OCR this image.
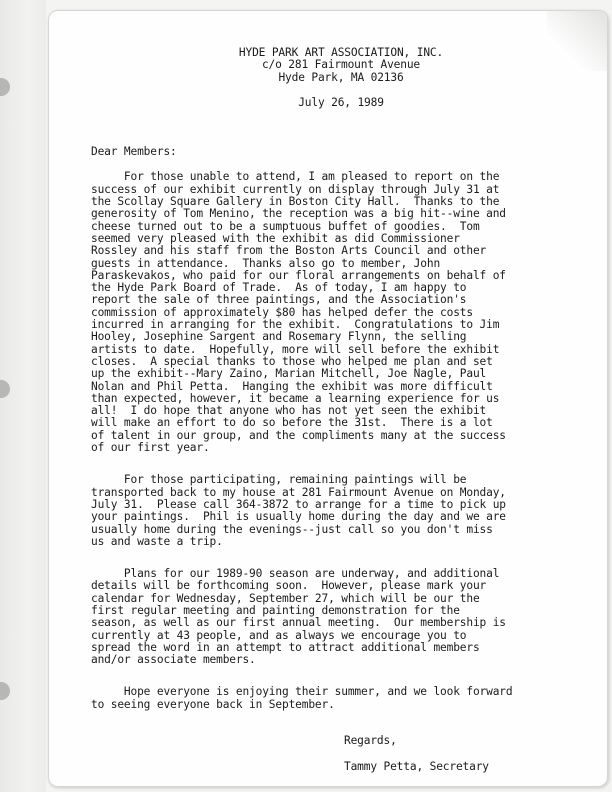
HYDE PARK ART ASSOCIATION, INC.
c/o 281 Fairmount Avenue
Hyde Park, MA 02136
July 26, 1989
Dear Members:
For those unable to attend, I am pleased to report on the
success of our exhibit currently on display through July 31 at
the Scollay Square Gallery in Boston City Hall.  Thanks to the
generosity of Tom Menino, the reception was a big hit--wine and
cheese turned out to be a sumptuous buffet of goodies.  Tom
seemed very pleased with the exhibit as did Commissioner
Rossley and his staff from the Boston Arts Council and other
guests in attendance.  Thanks also go to member, John
Paraskevakos, who paid for our floral arrangements on behalf of
the Hyde Park Board of Trade.  As of today, I am happy to
report the sale of three paintings, and the Association's
commission of approximately $80 has helped defer the costs
incurred in arranging for the exhibit.  Congratulations to Jim
Hooley, Josephine Sargent and Rosemary Flynn, the selling
artists to date.  Hopefully, more will sell before the exhibit
closes.  A special thanks to those who helped me plan and set
up the exhibit--Mary Zaino, Marian Mitchell, Joe Nagle, Paul
Nolan and Phil Petta.  Hanging the exhibit was more difficult
than expected, however, it became a learning experience for us
all!  I do hope that anyone who has not yet seen the exhibit
will make an effort to do so before the 31st.  There is a lot
of talent in our group, and the compliments many at the success
of our first year.
For those participating, remaining paintings will be
transported back to my house at 281 Fairmount Avenue on Monday,
July 31.  Please call 364-3872 to arrange for a time to pick up
your paintings.  Phil is usually home during the day and we are
usually home during the evenings--just call so you don't miss
us and waste a trip.
Plans for our 1989-90 season are underway, and additional
details will be forthcoming soon.  However, please mark your
calendar for Wednesday, September 27, which will be our the
first regular meeting and painting demonstration for the
season, as well as our first annual meeting.  Our membership is
currently at 43 people, and as always we encourage you to
spread the word in an attempt to attract additional members
and/or associate members.
Hope everyone is enjoying their summer, and we look forward
to seeing everyone back in September.
Regards,
Tammy Petta, Secretary
